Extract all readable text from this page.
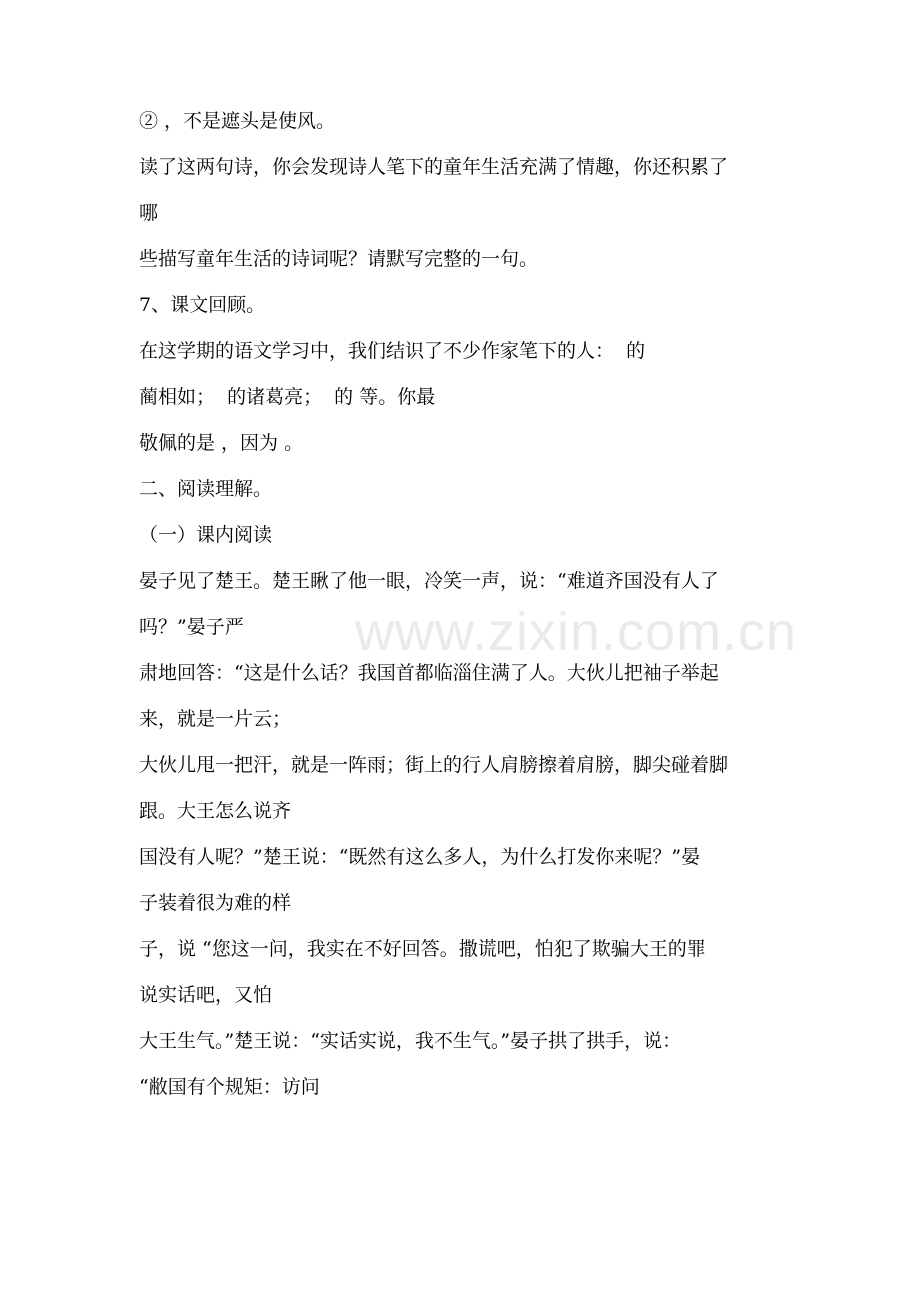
② ，不是遮头是使风。
读了这两句诗，你会发现诗人笔下的童年生活充满了情趣，你还积累了
哪
些描写童年生活的诗词呢？请默写完整的一句。
7、课文回顾。
在这学期的语文学习中，我们结识了不少作家笔下的人：  的
蔺相如；  的诸葛亮；  的 等。你最
敬佩的是 ，因为 。
二、阅读理解。
（一）课内阅读
晏子见了楚王。楚王瞅了他一眼，冷笑一声，说：“难道齐国没有人了
吗？”晏子严
肃地回答：“这是什么话？我国首都临淄住满了人。大伙儿把袖子举起
来，就是一片云；
大伙儿甩一把汗，就是一阵雨；街上的行人肩膀擦着肩膀，脚尖碰着脚
跟。大王怎么说齐
国没有人呢？”楚王说：“既然有这么多人，为什么打发你来呢？”晏
子装着很为难的样
子，说 “您这一问，我实在不好回答。撒谎吧，怕犯了欺骗大王的罪
说实话吧，又怕
大王生气。”楚王说：“实话实说，我不生气。”晏子拱了拱手，说：
“敝国有个规矩：访问
www.zixin.com.cn
